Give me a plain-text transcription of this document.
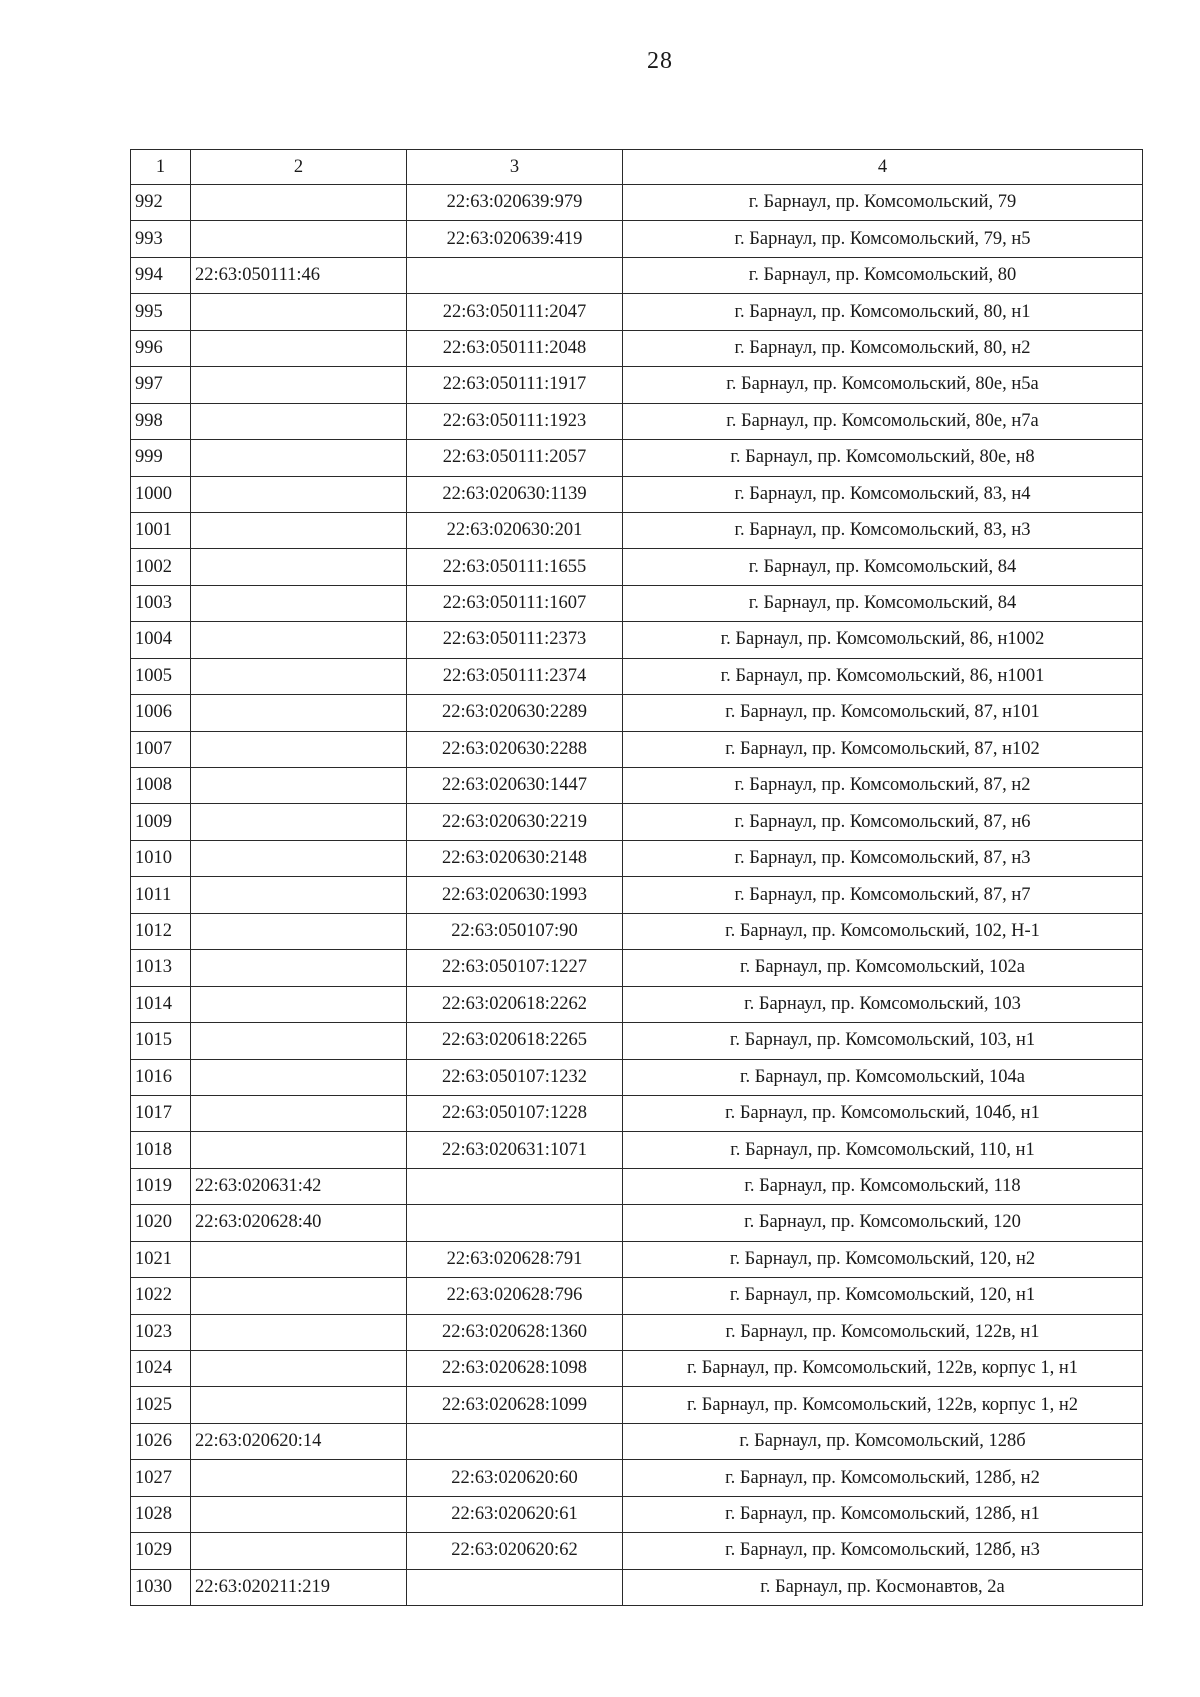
28
1	2	3	4
992		22:63:020639:979	г. Барнаул, пр. Комсомольский, 79
993		22:63:020639:419	г. Барнаул, пр. Комсомольский, 79, н5
994	22:63:050111:46		г. Барнаул, пр. Комсомольский, 80
995		22:63:050111:2047	г. Барнаул, пр. Комсомольский, 80, н1
996		22:63:050111:2048	г. Барнаул, пр. Комсомольский, 80, н2
997		22:63:050111:1917	г. Барнаул, пр. Комсомольский, 80е, н5а
998		22:63:050111:1923	г. Барнаул, пр. Комсомольский, 80е, н7а
999		22:63:050111:2057	г. Барнаул, пр. Комсомольский, 80е, н8
1000		22:63:020630:1139	г. Барнаул, пр. Комсомольский, 83, н4
1001		22:63:020630:201	г. Барнаул, пр. Комсомольский, 83, н3
1002		22:63:050111:1655	г. Барнаул, пр. Комсомольский, 84
1003		22:63:050111:1607	г. Барнаул, пр. Комсомольский, 84
1004		22:63:050111:2373	г. Барнаул, пр. Комсомольский, 86, н1002
1005		22:63:050111:2374	г. Барнаул, пр. Комсомольский, 86, н1001
1006		22:63:020630:2289	г. Барнаул, пр. Комсомольский, 87, н101
1007		22:63:020630:2288	г. Барнаул, пр. Комсомольский, 87, н102
1008		22:63:020630:1447	г. Барнаул, пр. Комсомольский, 87, н2
1009		22:63:020630:2219	г. Барнаул, пр. Комсомольский, 87, н6
1010		22:63:020630:2148	г. Барнаул, пр. Комсомольский, 87, н3
1011		22:63:020630:1993	г. Барнаул, пр. Комсомольский, 87, н7
1012		22:63:050107:90	г. Барнаул, пр. Комсомольский, 102, Н-1
1013		22:63:050107:1227	г. Барнаул, пр. Комсомольский, 102а
1014		22:63:020618:2262	г. Барнаул, пр. Комсомольский, 103
1015		22:63:020618:2265	г. Барнаул, пр. Комсомольский, 103, н1
1016		22:63:050107:1232	г. Барнаул, пр. Комсомольский, 104а
1017		22:63:050107:1228	г. Барнаул, пр. Комсомольский, 104б, н1
1018		22:63:020631:1071	г. Барнаул, пр. Комсомольский, 110, н1
1019	22:63:020631:42		г. Барнаул, пр. Комсомольский, 118
1020	22:63:020628:40		г. Барнаул, пр. Комсомольский, 120
1021		22:63:020628:791	г. Барнаул, пр. Комсомольский, 120, н2
1022		22:63:020628:796	г. Барнаул, пр. Комсомольский, 120, н1
1023		22:63:020628:1360	г. Барнаул, пр. Комсомольский, 122в, н1
1024		22:63:020628:1098	г. Барнаул, пр. Комсомольский, 122в, корпус 1, н1
1025		22:63:020628:1099	г. Барнаул, пр. Комсомольский, 122в, корпус 1, н2
1026	22:63:020620:14		г. Барнаул, пр. Комсомольский, 128б
1027		22:63:020620:60	г. Барнаул, пр. Комсомольский, 128б, н2
1028		22:63:020620:61	г. Барнаул, пр. Комсомольский, 128б, н1
1029		22:63:020620:62	г. Барнаул, пр. Комсомольский, 128б, н3
1030	22:63:020211:219		г. Барнаул, пр. Космонавтов, 2а
